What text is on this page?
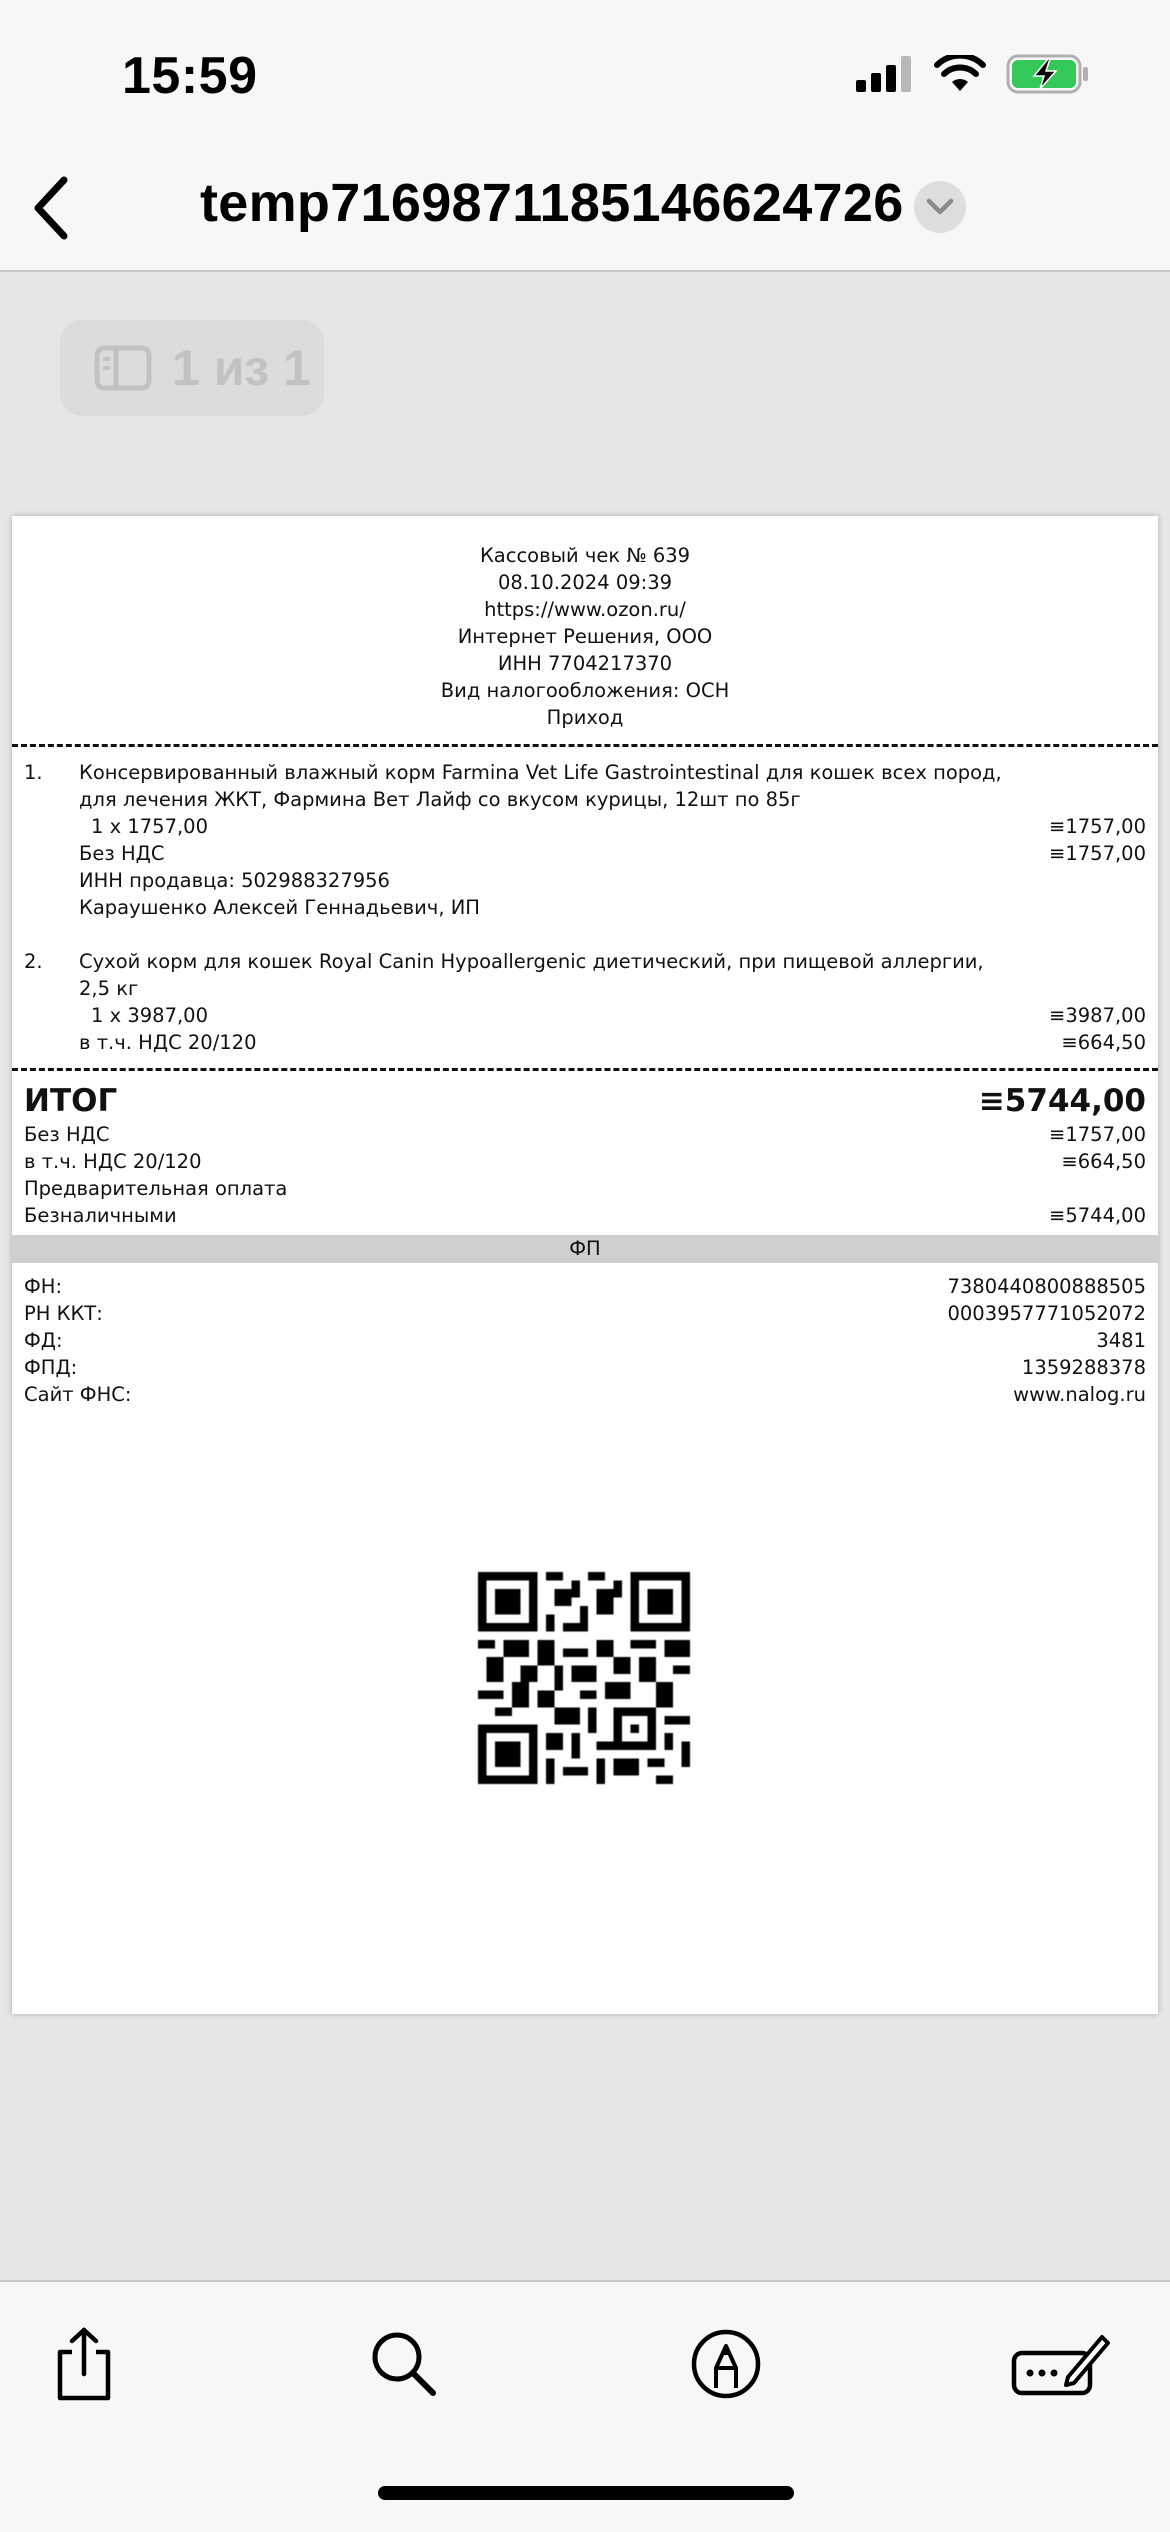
15:59
temp7169871185146624726
1 из 1
Кассовый чек № 639
08.10.2024 09:39
https://www.ozon.ru/
Интернет Решения, ООО
ИНН 7704217370
Вид налогообложения: ОСН
Приход
1.	Консервированный влажный корм Farmina Vet Life Gastrointestinal для кошек всех пород,
для лечения ЖКТ, Фармина Вет Лайф со вкусом курицы, 12шт по 85г
1 x 1757,00	≡1757,00
Без НДС	≡1757,00
ИНН продавца: 502988327956
Караушенко Алексей Геннадьевич, ИП
2.	Сухой корм для кошек Royal Canin Hypoallergenic диетический, при пищевой аллергии,
2,5 кг
1 x 3987,00	≡3987,00
в т.ч. НДС 20/120	≡664,50
ИТОГ	≡5744,00
Без НДС	≡1757,00
в т.ч. НДС 20/120	≡664,50
Предварительная оплата
Безналичными	≡5744,00
ФП
ФН:	7380440800888505
РН ККТ:	0003957771052072
ФД:	3481
ФПД:	1359288378
Сайт ФНС:	www.nalog.ru
